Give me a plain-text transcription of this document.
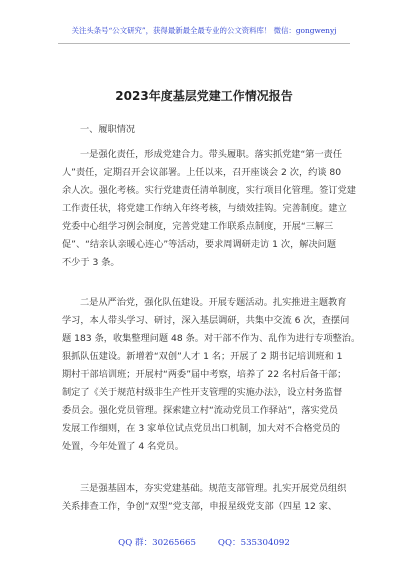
关注头条号“公文研究”，获得最新最全最专业的公文资料库！ 微信：gongwenyj
2023年度基层党建工作情况报告
一、履职情况
一是强化责任，形成党建合力。带头履职。落实抓党建“第一责任
人”责任，定期召开会议部署。上任以来，召开座谈会 2 次，约谈 80
余人次。强化考核。实行党建责任清单制度，实行项目化管理。签订党建
工作责任状，将党建工作纳入年终考核，与绩效挂钩。完善制度。建立
党委中心组学习例会制度，完善党建工作联系点制度，开展“三解三
促”、“结亲认亲暖心连心”等活动，要求周调研走访 1 次，解决问题
不少于 3 条。
二是从严治党，强化队伍建设。开展专题活动。扎实推进主题教育
学习，本人带头学习、研讨，深入基层调研，共集中交流 6 次，查摆问
题 183 条，收集整理问题 48 条。对干部不作为、乱作为进行专项整治。
狠抓队伍建设。新增着“双创”人才 1 名；开展了 2 期书记培训班和 1
期村干部培训班；开展村“两委”届中考察，培养了 22 名村后备干部；
制定了《关于规范村级非生产性开支管理的实施办法》，设立村务监督
委员会。强化党员管理。探索建立村“流动党员工作驿站”，落实党员
发展工作细则，在 3 家单位试点党员出口机制，加大对不合格党员的
处置，今年处置了 4 名党员。
三是强基固本，夯实党建基础。规范支部管理。扎实开展党员组织
关系排查工作，争创“双型”党支部，申报星级党支部（四星 12 家、
QQ 群：30265665	QQ：535304092
